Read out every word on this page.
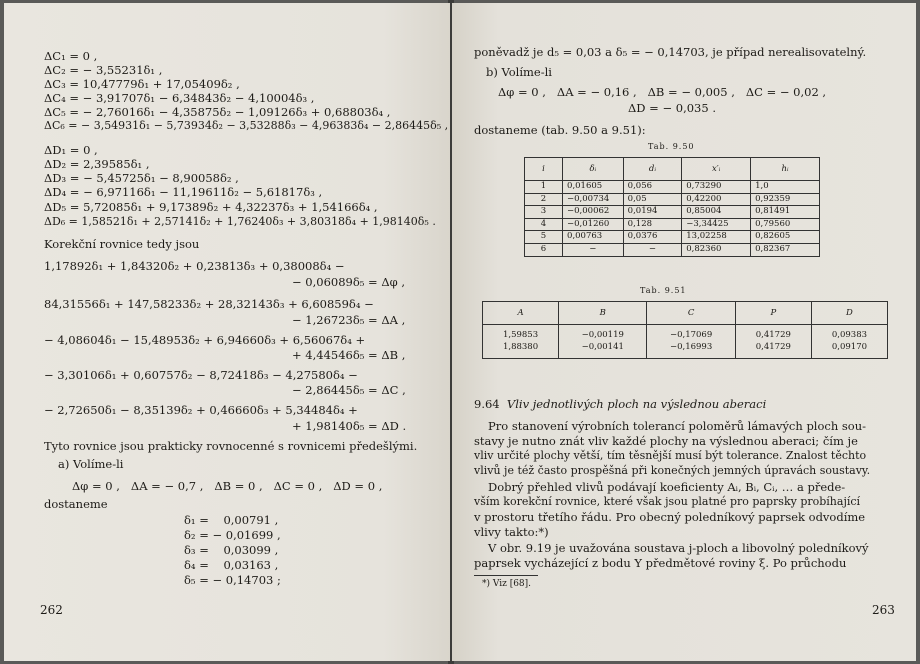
ΔC₁ = 0 ,
ΔC₂ = − 3,55231δ₁ ,
ΔC₃ = 10,47779δ₁ + 17,05409δ₂ ,
ΔC₄ = − 3,91707δ₁ − 6,34843δ₂ − 4,10004δ₃ ,
ΔC₅ = − 2,76016δ₁ − 4,35875δ₂ − 1,09126δ₃ + 0,68803δ₄ ,
ΔC₆ = − 3,54931δ₁ − 5,73934δ₂ − 3,53288δ₃ − 4,96383δ₄ − 2,86445δ₅ ,
ΔD₁ = 0 ,
ΔD₂ = 2,39585δ₁ ,
ΔD₃ = − 5,45725δ₁ − 8,90058δ₂ ,
ΔD₄ = − 6,97116δ₁ − 11,19611δ₂ − 5,61817δ₃ ,
ΔD₅ = 5,72085δ₁ + 9,17389δ₂ + 4,32237δ₃ + 1,54166δ₄ ,
ΔD₆ = 1,58521δ₁ + 2,57141δ₂ + 1,76240δ₃ + 3,80318δ₄ + 1,98140δ₅ .
Korekční rovnice tedy jsou
1,17892δ₁ + 1,84320δ₂ + 0,23813δ₃ + 0,38008δ₄ −
− 0,06089δ₅ = Δφ ,
84,31556δ₁ + 147,58233δ₂ + 28,32143δ₃ + 6,60859δ₄ −
− 1,26723δ₅ = ΔA ,
− 4,08604δ₁ − 15,48953δ₂ + 6,94660δ₃ + 6,56067δ₄ +
+ 4,44546δ₅ = ΔB ,
− 3,30106δ₁ + 0,60757δ₂ − 8,72418δ₃ − 4,27580δ₄ −
− 2,86445δ₅ = ΔC ,
− 2,72650δ₁ − 8,35139δ₂ + 0,46660δ₃ + 5,34484δ₄ +
+ 1,98140δ₅ = ΔD .
Tyto rovnice jsou prakticky rovnocenné s rovnicemi předešlými.
a) Volíme-li
Δφ = 0 ,   ΔA = − 0,7 ,   ΔB = 0 ,   ΔC = 0 ,   ΔD = 0 ,
dostaneme
δ₁ =    0,00791 ,
δ₂ = − 0,01699 ,
δ₃ =    0,03099 ,
δ₄ =    0,03163 ,
δ₅ = − 0,14703 ;
262
poněvadž je d₅ = 0,03 a δ₅ = − 0,14703, je případ nerealisovatelný.
b) Volíme-li
Δφ = 0 ,   ΔA = − 0,16 ,   ΔB = − 0,005 ,   ΔC = − 0,02 ,
ΔD = − 0,035 .
dostaneme (tab. 9.50 a 9.51):
Tab. 9.50
i	δᵢ	dᵢ	x′ᵢ	hᵢ
1	0,01605	0,056	0,73290	1,0
2	−0,00734	0,05	0,42200	0,92359
3	−0,00062	0,0194	0,85004	0,81491
4	−0,01260	0,128	−3,34425	0,79560
5	0,00763	0,0376	13,02258	0,82605
6	−	−	0,82360	0,82367
Tab. 9.51
A	B	C	P	D
1,59853	−0,00119	−0,17069	0,41729	0,09383
1,88380	−0,00141	−0,16993	0,41729	0,09170
9.64 Vliv jednotlivých ploch na výslednou aberaci
Pro stanovení výrobních tolerancí poloměrů lámavých ploch sou-
stavy je nutno znát vliv každé plochy na výslednou aberaci; čím je
vliv určité plochy větší, tím těsnější musí být tolerance. Znalost těchto
vlivů je též často prospěšná při konečných jemných úpravách soustavy.
Dobrý přehled vlivů podávají koeficienty Aᵢ, Bᵢ, Cᵢ, … a přede-
vším korekční rovnice, které však jsou platné pro paprsky probíhající
v prostoru třetího řádu. Pro obecný poledníkový paprsek odvodíme
vlivy takto:*)
V obr. 9.19 je uvažována soustava j-ploch a libovolný poledníkový
paprsek vycházející z bodu Y předmětové roviny ξ. Po průchodu
*) Viz [68].
263
